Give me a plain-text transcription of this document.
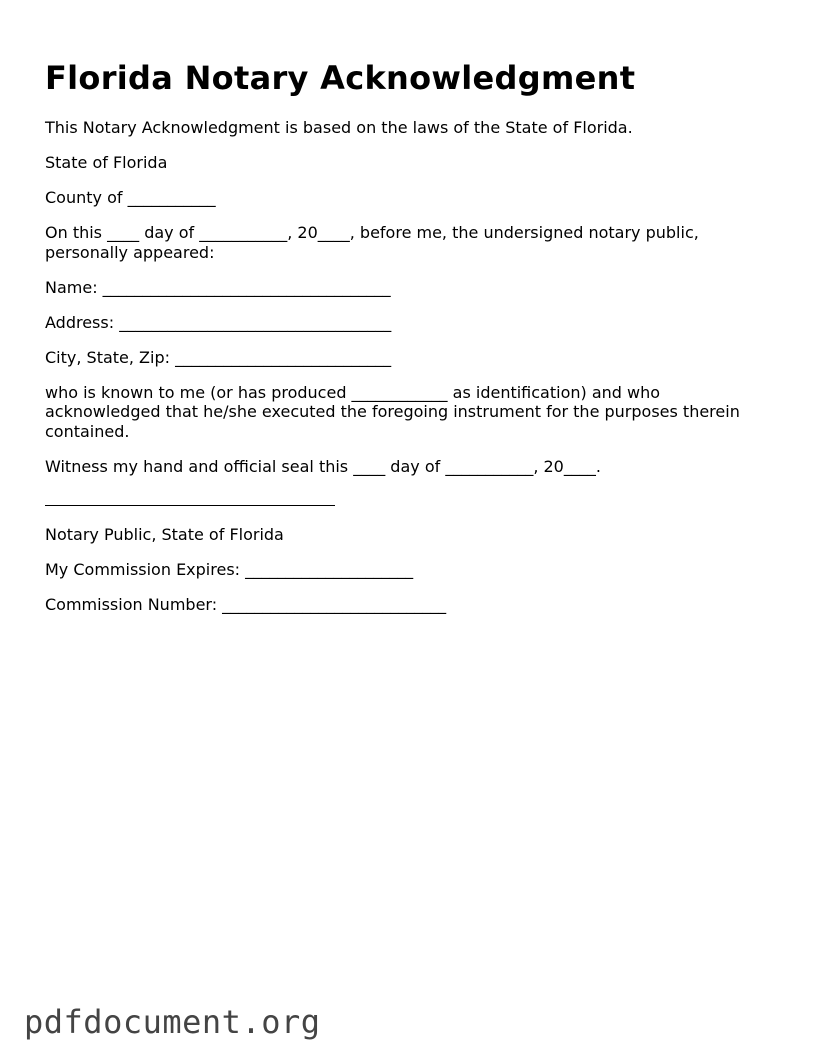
Florida Notary Acknowledgment

This Notary Acknowledgment is based on the laws of the State of Florida.

State of Florida

County of ___________

On this ____ day of ___________, 20____, before me, the undersigned notary public, personally appeared:

Name: ____________________________________

Address: __________________________________

City, State, Zip: ___________________________

who is known to me (or has produced ____________ as identification) and who acknowledged that he/she executed the foregoing instrument for the purposes therein contained.

Witness my hand and official seal this ____ day of ___________, 20____.

Notary Public, State of Florida

My Commission Expires: _____________________

Commission Number: ____________________________

pdfdocument.org
